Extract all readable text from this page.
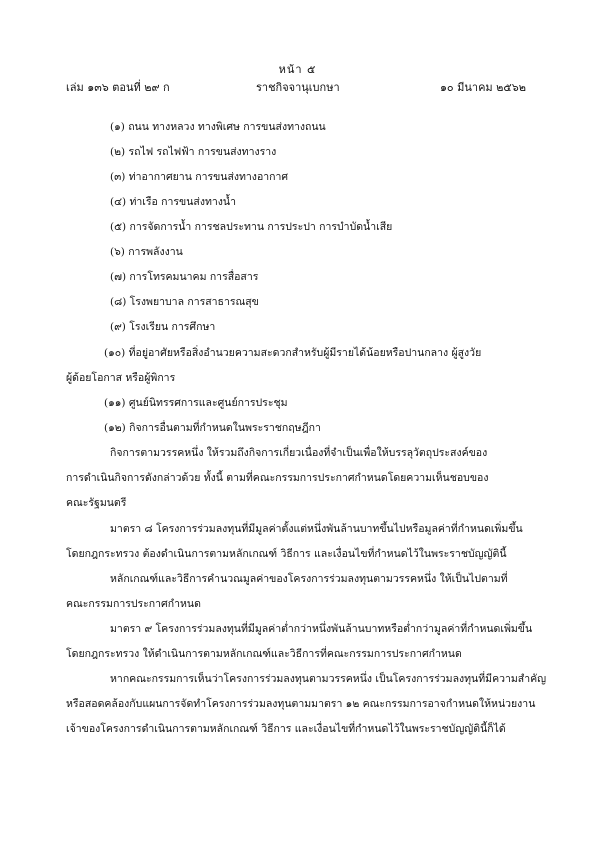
หน้า ๕
เล่ม ๑๓๖ ตอนที่ ๒๙ ก	ราชกิจจานุเบกษา	๑๐ มีนาคม ๒๕๖๒
(๑) ถนน ทางหลวง ทางพิเศษ การขนส่งทางถนน
(๒) รถไฟ รถไฟฟ้า การขนส่งทางราง
(๓) ท่าอากาศยาน การขนส่งทางอากาศ
(๔) ท่าเรือ การขนส่งทางน้ำ
(๕) การจัดการน้ำ การชลประทาน การประปา การบำบัดน้ำเสีย
(๖) การพลังงาน
(๗) การโทรคมนาคม การสื่อสาร
(๘) โรงพยาบาล การสาธารณสุข
(๙) โรงเรียน การศึกษา
(๑๐) ที่อยู่อาศัยหรือสิ่งอำนวยความสะดวกสำหรับผู้มีรายได้น้อยหรือปานกลาง ผู้สูงวัย
ผู้ด้อยโอกาส หรือผู้พิการ
(๑๑) ศูนย์นิทรรศการและศูนย์การประชุม
(๑๒) กิจการอื่นตามที่กำหนดในพระราชกฤษฎีกา
กิจการตามวรรคหนึ่ง ให้รวมถึงกิจการเกี่ยวเนื่องที่จำเป็นเพื่อให้บรรลุวัตถุประสงค์ของ
การดำเนินกิจการดังกล่าวด้วย ทั้งนี้ ตามที่คณะกรรมการประกาศกำหนดโดยความเห็นชอบของ
คณะรัฐมนตรี
มาตรา ๘ โครงการร่วมลงทุนที่มีมูลค่าตั้งแต่หนึ่งพันล้านบาทขึ้นไปหรือมูลค่าที่กำหนดเพิ่มขึ้น
โดยกฎกระทรวง ต้องดำเนินการตามหลักเกณฑ์ วิธีการ และเงื่อนไขที่กำหนดไว้ในพระราชบัญญัตินี้
หลักเกณฑ์และวิธีการคำนวณมูลค่าของโครงการร่วมลงทุนตามวรรคหนึ่ง ให้เป็นไปตามที่
คณะกรรมการประกาศกำหนด
มาตรา ๙ โครงการร่วมลงทุนที่มีมูลค่าต่ำกว่าหนึ่งพันล้านบาทหรือต่ำกว่ามูลค่าที่กำหนดเพิ่มขึ้น
โดยกฎกระทรวง ให้ดำเนินการตามหลักเกณฑ์และวิธีการที่คณะกรรมการประกาศกำหนด
หากคณะกรรมการเห็นว่าโครงการร่วมลงทุนตามวรรคหนึ่ง เป็นโครงการร่วมลงทุนที่มีความสำคัญ
หรือสอดคล้องกับแผนการจัดทำโครงการร่วมลงทุนตามมาตรา ๑๒ คณะกรรมการอาจกำหนดให้หน่วยงาน
เจ้าของโครงการดำเนินการตามหลักเกณฑ์ วิธีการ และเงื่อนไขที่กำหนดไว้ในพระราชบัญญัตินี้ก็ได้
